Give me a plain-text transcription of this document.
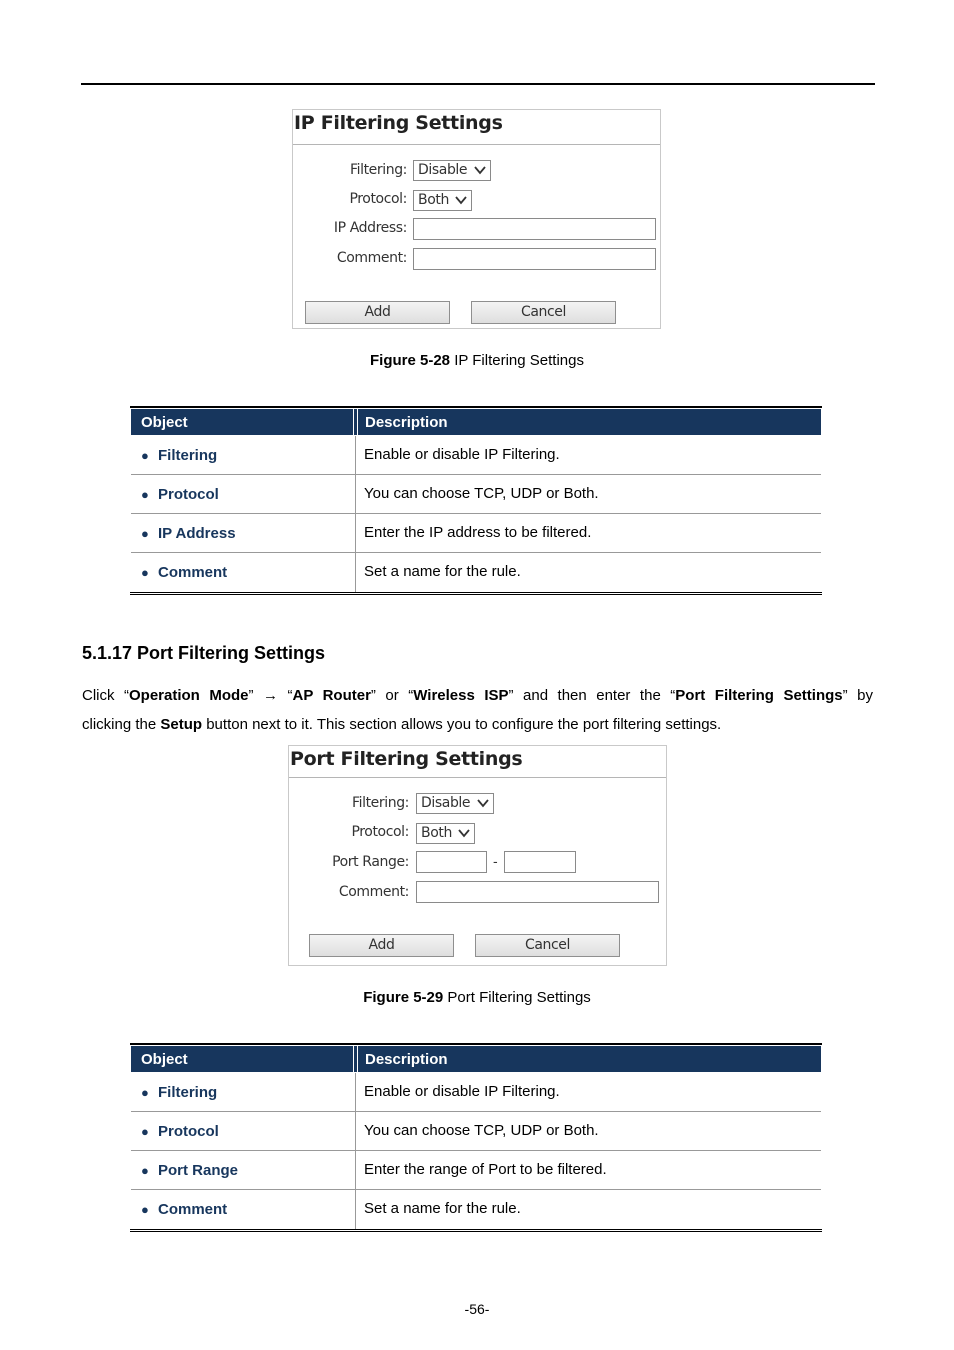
IP Filtering Settings
Filtering: Disable
Protocol: Both
IP Address:
Comment:
Add	Cancel
Figure 5-28 IP Filtering Settings
Object	Description
● Filtering	Enable or disable IP Filtering.
● Protocol	You can choose TCP, UDP or Both.
● IP Address	Enter the IP address to be filtered.
● Comment	Set a name for the rule.
5.1.17 Port Filtering Settings
Click “Operation Mode” → “AP Router” or “Wireless ISP” and then enter the “Port Filtering Settings” by
clicking the Setup button next to it. This section allows you to configure the port filtering settings.
Port Filtering Settings
Filtering: Disable
Protocol: Both
Port Range:	-
Comment:
Add	Cancel
Figure 5-29 Port Filtering Settings
Object	Description
● Filtering	Enable or disable IP Filtering.
● Protocol	You can choose TCP, UDP or Both.
● Port Range	Enter the range of Port to be filtered.
● Comment	Set a name for the rule.
-56-
